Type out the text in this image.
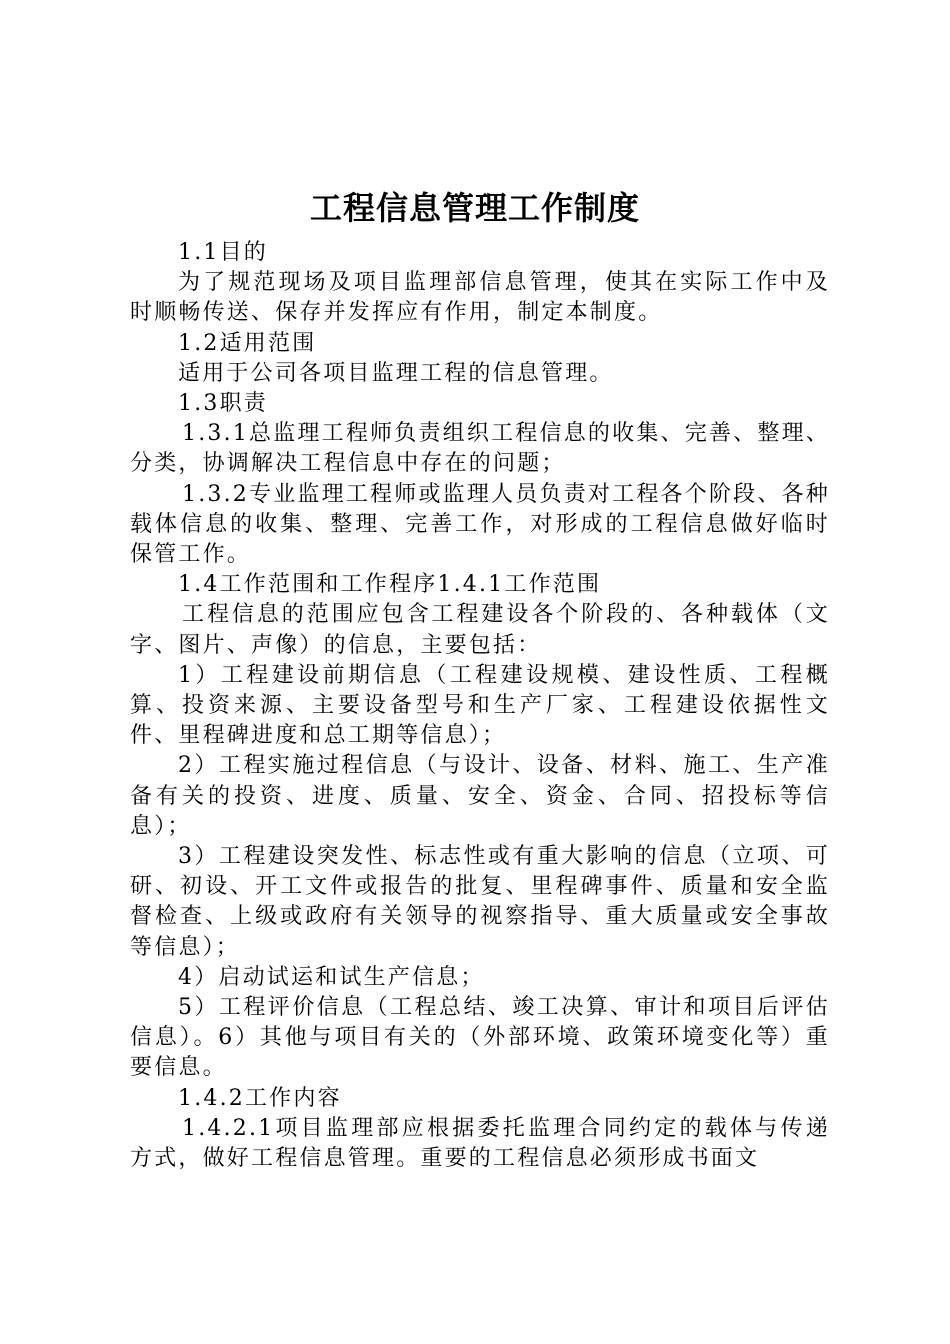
工程信息管理工作制度

1.1目的

为了规范现场及项目监理部信息管理，使其在实际工作中及时顺畅传送、保存并发挥应有作用，制定本制度。

1.2适用范围

适用于公司各项目监理工程的信息管理。

1.3职责

1.3.1总监理工程师负责组织工程信息的收集、完善、整理、分类，协调解决工程信息中存在的问题；

1.3.2专业监理工程师或监理人员负责对工程各个阶段、各种载体信息的收集、整理、完善工作，对形成的工程信息做好临时保管工作。

1.4工作范围和工作程序1.4.1工作范围

工程信息的范围应包含工程建设各个阶段的、各种载体（文字、图片、声像）的信息，主要包括：

1）工程建设前期信息（工程建设规模、建设性质、工程概算、投资来源、主要设备型号和生产厂家、工程建设依据性文件、里程碑进度和总工期等信息）；

2）工程实施过程信息（与设计、设备、材料、施工、生产准备有关的投资、进度、质量、安全、资金、合同、招投标等信息）；

3）工程建设突发性、标志性或有重大影响的信息（立项、可研、初设、开工文件或报告的批复、里程碑事件、质量和安全监督检查、上级或政府有关领导的视察指导、重大质量或安全事故等信息）；

4）启动试运和试生产信息；

5）工程评价信息（工程总结、竣工决算、审计和项目后评估信息）。6）其他与项目有关的（外部环境、政策环境变化等）重要信息。

1.4.2工作内容

1.4.2.1项目监理部应根据委托监理合同约定的载体与传递方式，做好工程信息管理。重要的工程信息必须形成书面文
